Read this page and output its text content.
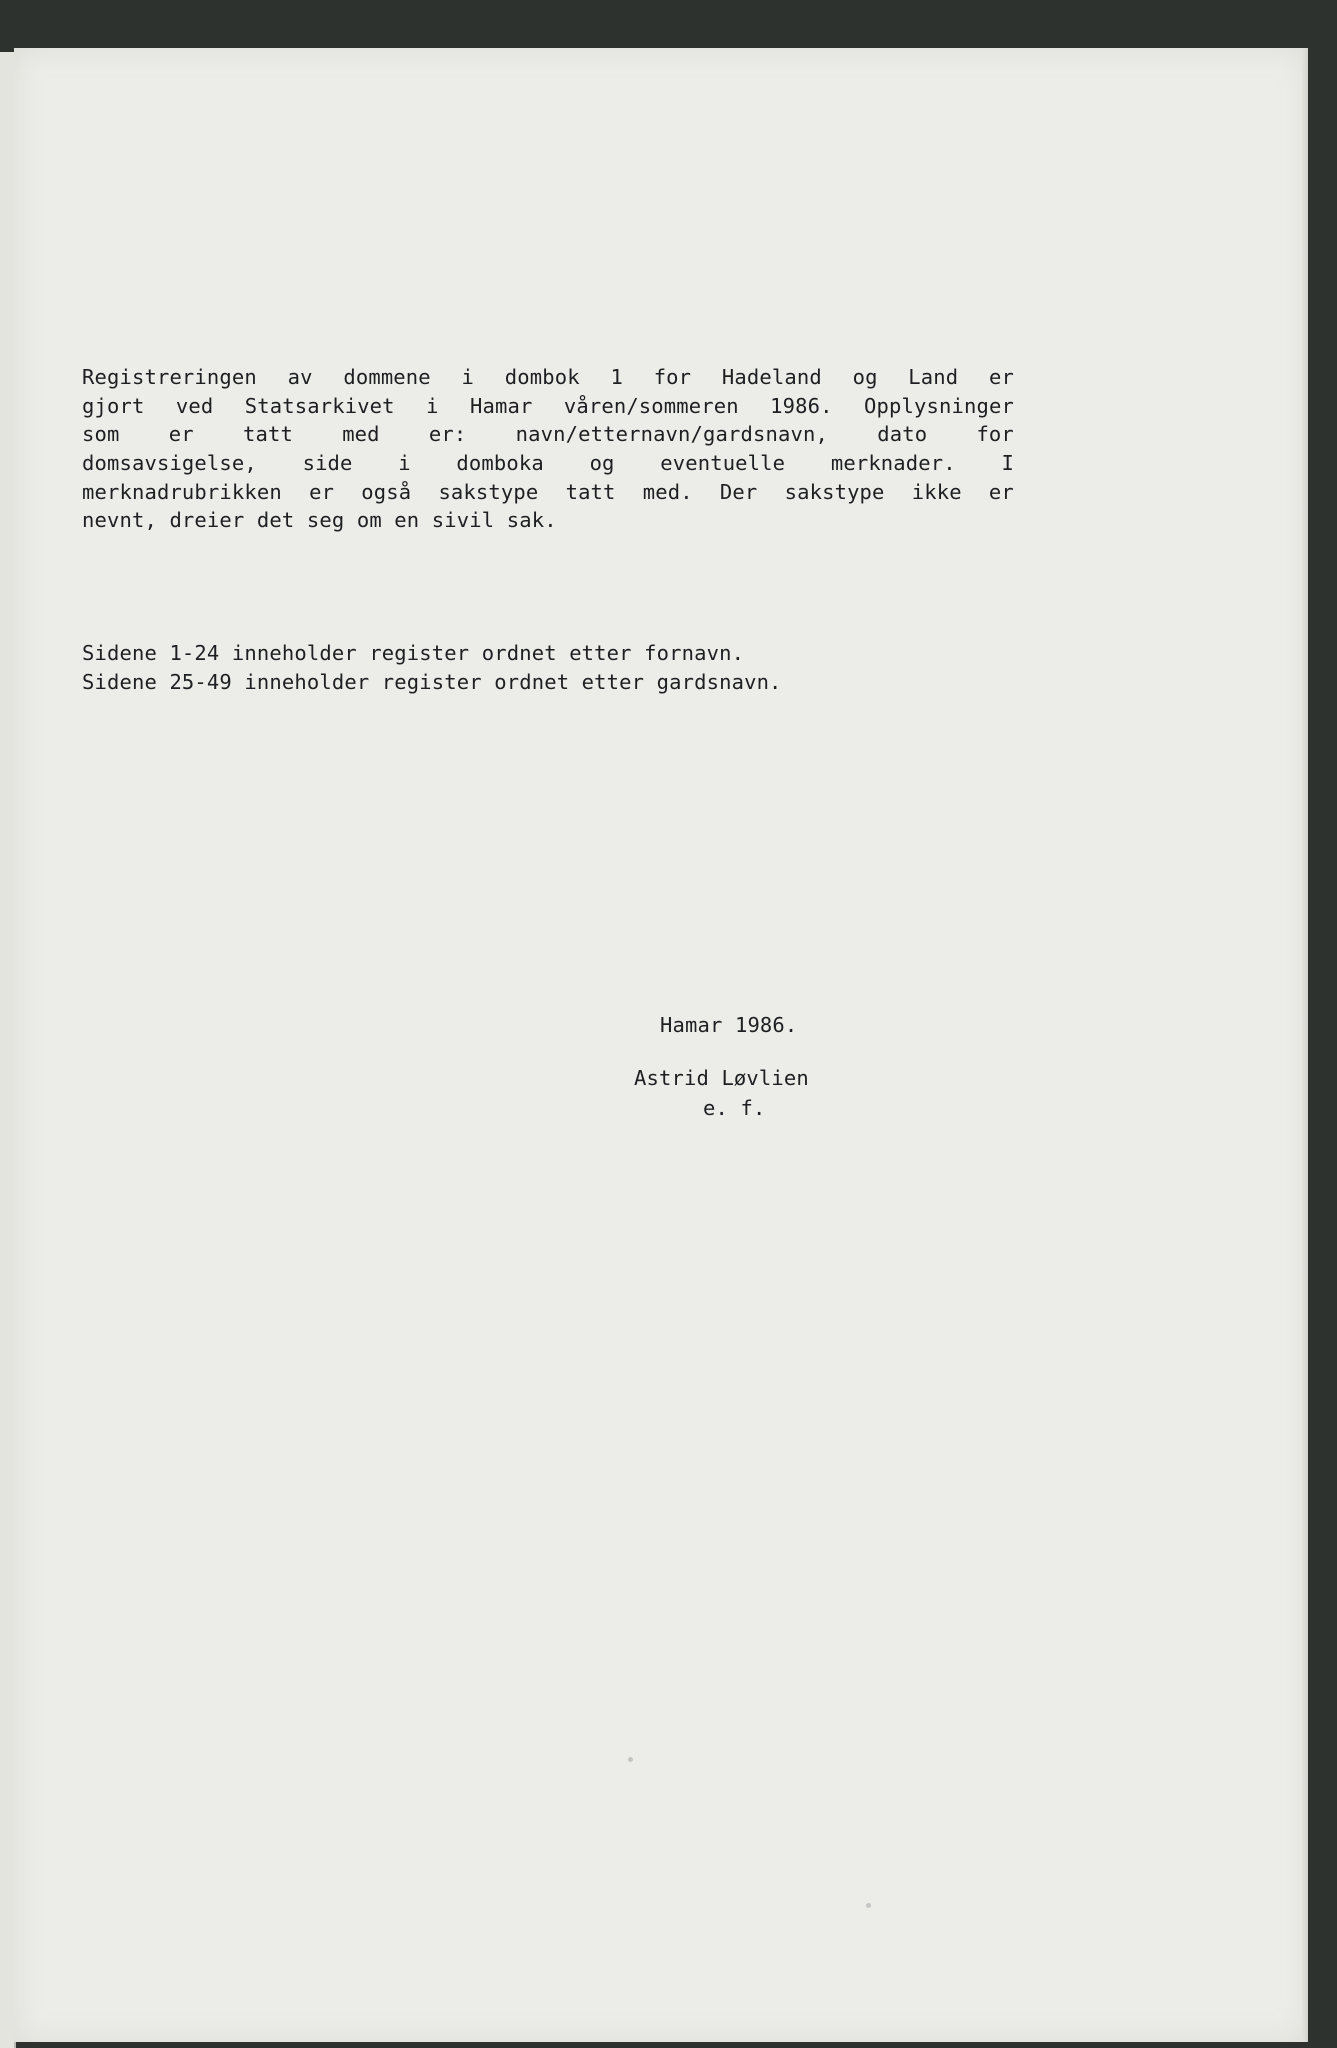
Registreringen av dommene i dombok 1 for Hadeland og Land er
gjort ved Statsarkivet i Hamar våren/sommeren 1986. Opplysninger
som er tatt med er: navn/etternavn/gardsnavn, dato for
domsavsigelse, side i domboka og eventuelle merknader. I
merknadrubrikken er også sakstype tatt med. Der sakstype ikke er
nevnt, dreier det seg om en sivil sak.
Sidene 1-24 inneholder register ordnet etter fornavn.
Sidene 25-49 inneholder register ordnet etter gardsnavn.
Hamar 1986.
Astrid Løvlien
e. f.
